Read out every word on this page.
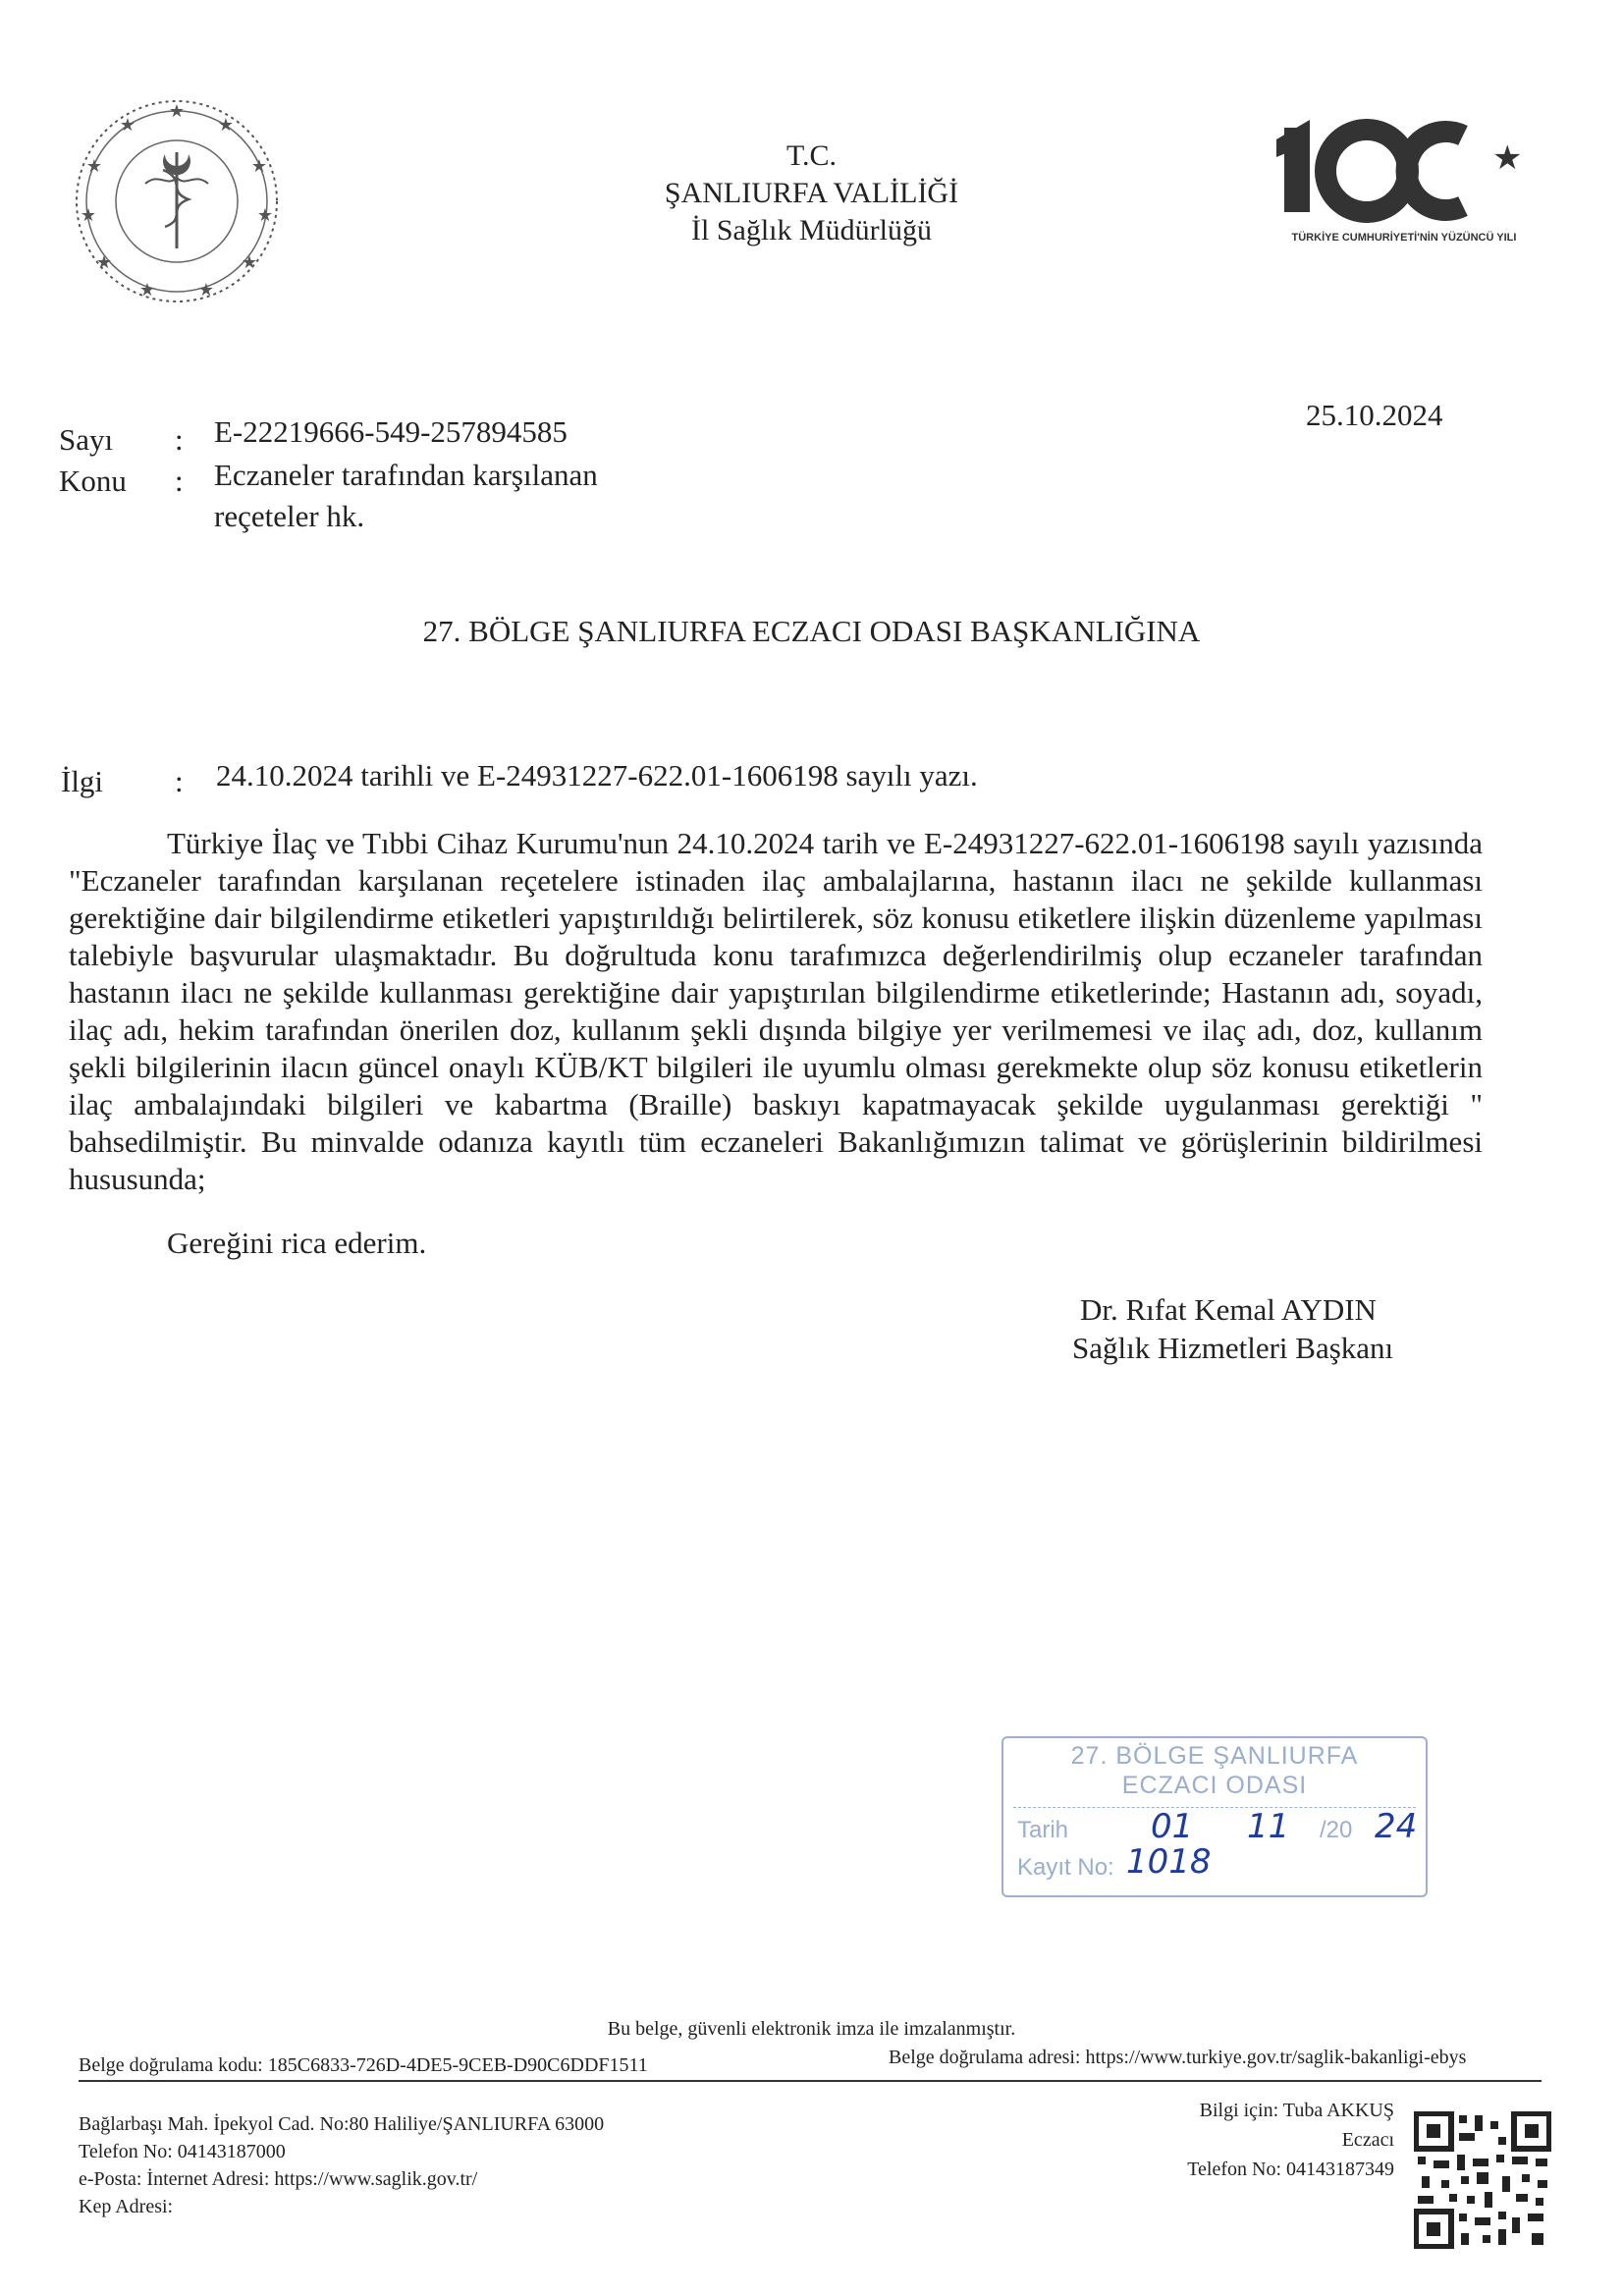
★
★	★
★	★
★	★
★	★
★ ★
T.C.
ŞANLIURFA VALİLİĞİ
İl Sağlık Müdürlüğü
★
TÜRKİYE CUMHURİYETİ'NİN YÜZÜNCÜ YILI
25.10.2024
Sayı : E-22219666-549-257894585
Konu : Eczaneler tarafından karşılanan
reçeteler hk.
27. BÖLGE ŞANLIURFA ECZACI ODASI BAŞKANLIĞINA
İlgi : 24.10.2024 tarihli ve E-24931227-622.01-1606198 sayılı yazı.
Türkiye İlaç ve Tıbbi Cihaz Kurumu'nun 24.10.2024 tarih ve E-24931227-622.01-1606198 sayılı yazısında "Eczaneler tarafından karşılanan reçetelere istinaden ilaç ambalajlarına, hastanın ilacı ne şekilde kullanması gerektiğine dair bilgilendirme etiketleri yapıştırıldığı belirtilerek, söz konusu etiketlere ilişkin düzenleme yapılması talebiyle başvurular ulaşmaktadır. Bu doğrultuda konu tarafımızca değerlendirilmiş olup eczaneler tarafından hastanın ilacı ne şekilde kullanması gerektiğine dair yapıştırılan bilgilendirme etiketlerinde; Hastanın adı, soyadı, ilaç adı, hekim tarafından önerilen doz, kullanım şekli dışında bilgiye yer verilmemesi ve ilaç adı, doz, kullanım şekli bilgilerinin ilacın güncel onaylı KÜB/KT bilgileri ile uyumlu olması gerekmekte olup söz konusu etiketlerin ilaç ambalajındaki bilgileri ve kabartma (Braille) baskıyı kapatmayacak şekilde uygulanması gerektiği " bahsedilmiştir. Bu minvalde odanıza kayıtlı tüm eczaneleri Bakanlığımızın talimat ve görüşlerinin bildirilmesi hususunda;
Gereğini rica ederim.
Dr. Rıfat Kemal AYDIN
Sağlık Hizmetleri Başkanı
27. BÖLGE ŞANLIURFA
ECZACI ODASI
Tarih 01 11 /20 24
Kayıt No: 1018
Bu belge, güvenli elektronik imza ile imzalanmıştır.
Belge doğrulama kodu: 185C6833-726D-4DE5-9CEB-D90C6DDF1511	Belge doğrulama adresi: https://www.turkiye.gov.tr/saglik-bakanligi-ebys
Bağlarbaşı Mah. İpekyol Cad. No:80 Haliliye/ŞANLIURFA 63000
Telefon No: 04143187000
e-Posta: İnternet Adresi: https://www.saglik.gov.tr/
Kep Adresi:
Bilgi için: Tuba AKKUŞ
Eczacı
Telefon No: 04143187349
